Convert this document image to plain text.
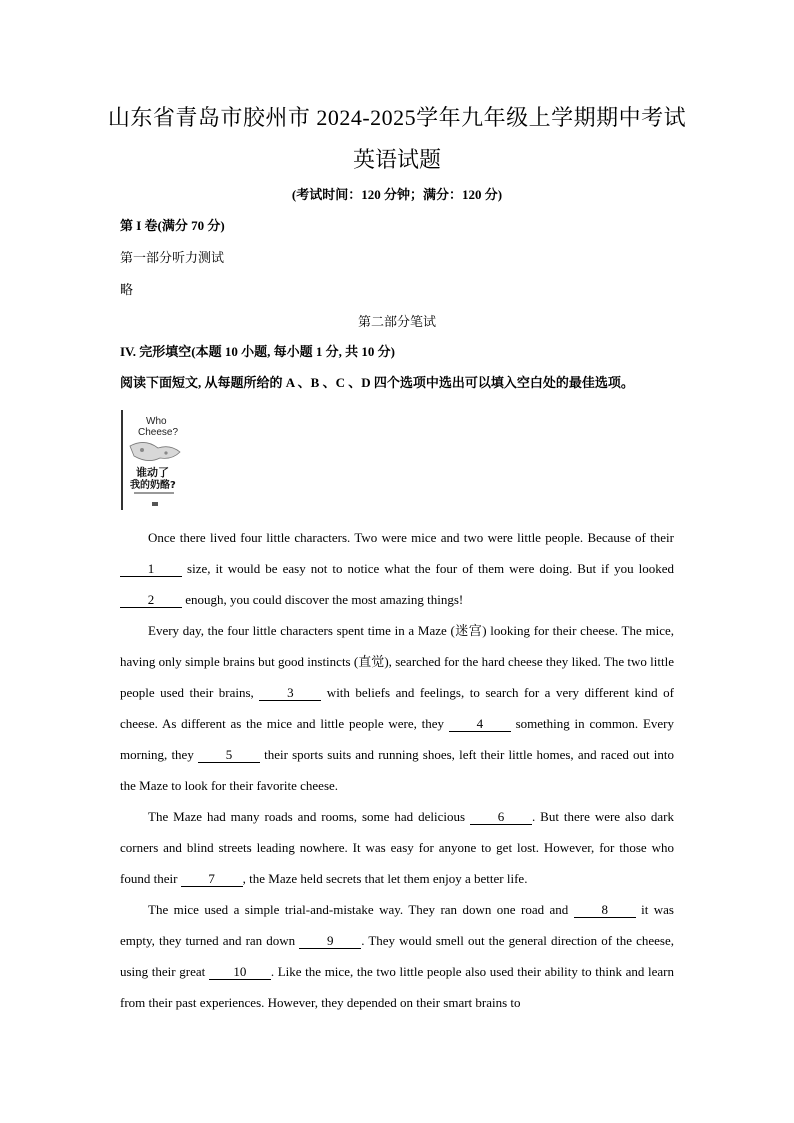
山东省青岛市胶州市 2024-2025学年九年级上学期期中考试
英语试题
(考试时间：120 分钟；满分：120 分)
第 I 卷(满分 70 分)
第一部分听力测试
略
第二部分笔试
IV. 完形填空(本题 10 小题, 每小题 1 分, 共 10 分)
阅读下面短文, 从每题所给的 A 、B 、C 、D 四个选项中选出可以填入空白处的最佳选项。
Who
Cheese?
谁动了
我的奶酪?

Once there lived four little characters. Two were mice and two were little people. Because of their 1 size, it would be easy not to notice what the four of them were doing. But if you looked 2 enough, you could discover the most amazing things!

Every day, the four little characters spent time in a Maze (迷宫) looking for their cheese. The mice, having only simple brains but good instincts (直觉), searched for the hard cheese they liked. The two little people used their brains, 3 with beliefs and feelings, to search for a very different kind of cheese. As different as the mice and little people were, they 4 something in common. Every morning, they 5 their sports suits and running shoes, left their little homes, and raced out into the Maze to look for their favorite cheese.

The Maze had many roads and rooms, some had delicious 6 . But there were also dark corners and blind streets leading nowhere. It was easy for anyone to get lost. However, for those who found their 7 , the Maze held secrets that let them enjoy a better life.

The mice used a simple trial-and-mistake way. They ran down one road and 8 it was empty, they turned and ran down 9 . They would smell out the general direction of the cheese, using their great 10 . Like the mice, the two little people also used their ability to think and learn from their past experiences. However, they depended on their smart brains to
